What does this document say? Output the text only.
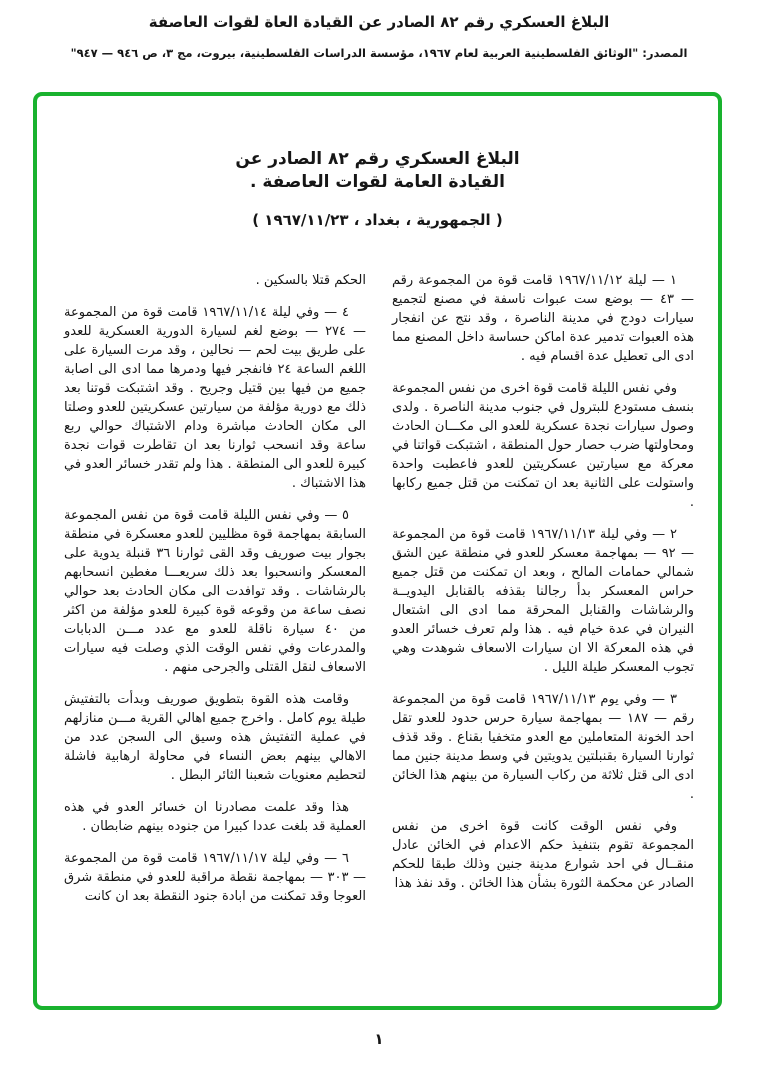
البلاغ العسكري رقم ٨٢ الصادر عن القيادة العاة لقوات العاصفة
المصدر: "الوثائق الفلسطينية العربية لعام ١٩٦٧، مؤسسة الدراسات الفلسطينية، بيروت، مج ٣، ص ٩٤٦ — ٩٤٧"
البلاغ العسكري رقم ٨٢ الصادر عن
القيادة العامة لقوات العاصفة .
( الجمهورية ، بغداد ، ١٩٦٧/١١/٢٣ )

١ — ليلة ١٩٦٧/١١/١٢ قامت قوة من المجموعة رقم — ٤٣ — بوضع ست عبوات ناسفة في مصنع لتجميع سيارات دودج في مدينة الناصرة ، وقد نتج عن انفجار هذه العبوات تدمير عدة اماكن حساسة داخل المصنع مما ادى الى تعطيل عدة اقسام فيه .

وفي نفس الليلة قامت قوة اخرى من نفس المجموعة بنسف مستودع للبترول في جنوب مدينة الناصرة . ولدى وصول سيارات نجدة عسكرية للعدو الى مكـــان الحادث ومحاولتها ضرب حصار حول المنطقة ، اشتبكت قواتنا في معركة مع سيارتين عسكريتين للعدو فاعطبت واحدة واستولت على الثانية بعد ان تمكنت من قتل جميع ركابها .

٢ — وفي ليلة ١٩٦٧/١١/١٣ قامت قوة من المجموعة — ٩٢ — بمهاجمة معسكر للعدو في منطقة عين الشق شمالي حمامات المالح ، وبعد ان تمكنت من قتل جميع حراس المعسكر بدأ رجالنا بقذفه بالقنابل اليدويــة والرشاشات والقنابل المحرقة مما ادى الى اشتعال النيران في عدة خيام فيه . هذا ولم تعرف خسائر العدو في هذه المعركة الا ان سيارات الاسعاف شوهدت وهي تجوب المعسكر طيلة الليل .

٣ — وفي يوم ١٩٦٧/١١/١٣ قامت قوة من المجموعة رقم — ١٨٧ — بمهاجمة سيارة حرس حدود للعدو تقل احد الخونة المتعاملين مع العدو متخفيا بقناع . وقد قذف ثوارنا السيارة بقنبلتين يدويتين في وسط مدينة جنين مما ادى الى قتل ثلاثة من ركاب السيارة من بينهم هذا الخائن .

وفي نفس الوقت كانت قوة اخرى من نفس المجموعة تقوم بتنفيذ حكم الاعدام في الخائن عادل منقــال في احد شوارع مدينة جنين وذلك طبقا للحكم الصادر عن محكمة الثورة بشأن هذا الخائن . وقد نفذ هذا

الحكم قتلا بالسكين .

٤ — وفي ليلة ١٩٦٧/١١/١٤ قامت قوة من المجموعة — ٢٧٤ — بوضع لغم لسيارة الدورية العسكرية للعدو على طريق بيت لحم — نحالين ، وقد مرت السيارة على اللغم الساعة ٢٤ فانفجر فيها ودمرها مما ادى الى اصابة جميع من فيها بين قتيل وجريح . وقد اشتبكت قوتنا بعد ذلك مع دورية مؤلفة من سيارتين عسكريتين للعدو وصلتا الى مكان الحادث مباشرة ودام الاشتباك حوالي ربع ساعة وقد انسحب ثوارنا بعد ان تقاطرت قوات نجدة كبيرة للعدو الى المنطقة . هذا ولم تقدر خسائر العدو في هذا الاشتباك .

٥ — وفي نفس الليلة قامت قوة من نفس المجموعة السابقة بمهاجمة قوة مظليين للعدو معسكرة في منطقة بجوار بيت صوريف وقد القى ثوارنا ٣٦ قنبلة يدوية على المعسكر وانسحبوا بعد ذلك سريعـــا مغطين انسحابهم بالرشاشات . وقد توافدت الى مكان الحادث بعد حوالي نصف ساعة من وقوعه قوة كبيرة للعدو مؤلفة من اكثر من ٤٠ سيارة ناقلة للعدو مع عدد مـــن الدبابات والمدرعات وفي نفس الوقت الذي وصلت فيه سيارات الاسعاف لنقل القتلى والجرحى منهم .

وقامت هذه القوة بتطويق صوريف وبدأت بالتفتيش طيلة يوم كامل . واخرج جميع اهالي القرية مـــن منازلهم في عملية التفتيش هذه وسيق الى السجن عدد من الاهالي بينهم بعض النساء في محاولة ارهابية فاشلة لتحطيم معنويات شعبنا الثائر البطل .

هذا وقد علمت مصادرنا ان خسائر العدو في هذه العملية قد بلغت عددا كبيرا من جنوده بينهم ضابطان .

٦ — وفي ليلة ١٩٦٧/١١/١٧ قامت قوة من المجموعة — ٣٠٣ — بمهاجمة نقطة مراقبة للعدو في منطقة شرق العوجا وقد تمكنت من ابادة جنود النقطة بعد ان كانت

١
